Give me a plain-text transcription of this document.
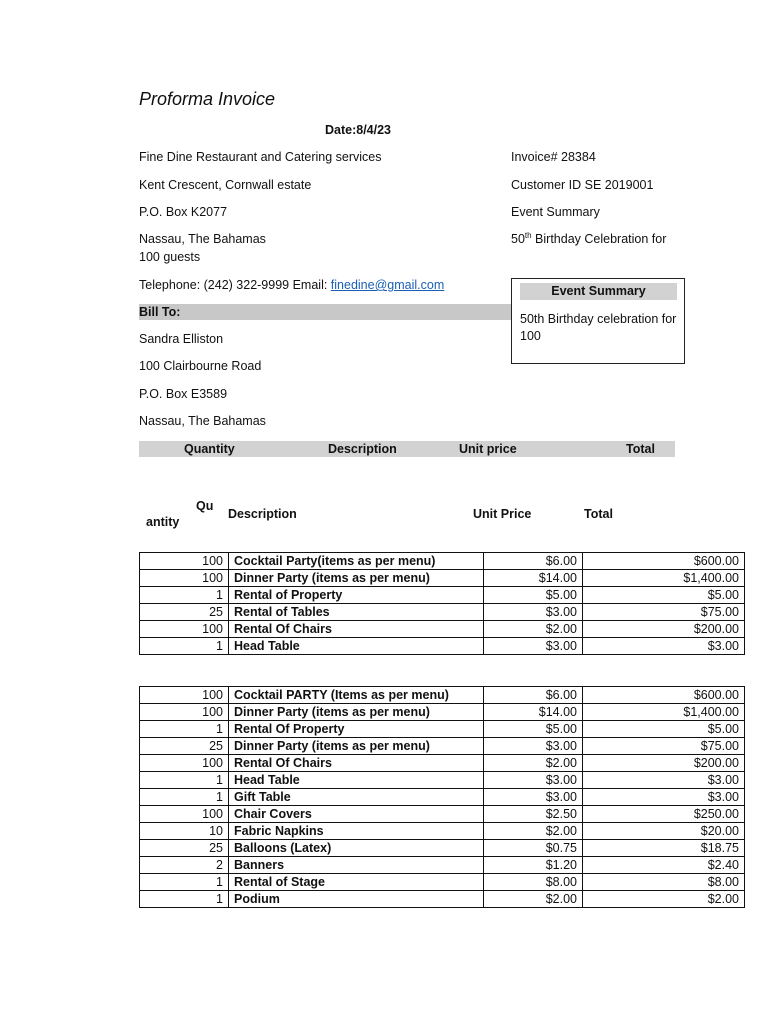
Proforma Invoice
Date:8/4/23
Fine Dine Restaurant and Catering services
Kent Crescent, Cornwall estate
P.O. Box K2077
Nassau, The Bahamas
100 guests
Telephone: (242) 322-9999 Email: finedine@gmail.com
Invoice# 28384
Customer ID SE 2019001
Event Summary
50th Birthday Celebration for
Event Summary
50th Birthday celebration for 100
Bill To:
Sandra Elliston
100 Clairbourne Road
P.O. Box E3589
Nassau, The Bahamas
Quantity	Description	Unit price	Total
Qu
antity
Description	Unit Price	Total
100	Cocktail Party(items as per menu)	$6.00	$600.00
100	Dinner Party (items as per menu)	$14.00	$1,400.00
1	Rental of Property	$5.00	$5.00
25	Rental of Tables	$3.00	$75.00
100	Rental Of Chairs	$2.00	$200.00
1	Head Table	$3.00	$3.00
100	Cocktail PARTY (Items as per menu)	$6.00	$600.00
100	Dinner Party (items as per menu)	$14.00	$1,400.00
1	Rental Of Property	$5.00	$5.00
25	Dinner Party (items as per menu)	$3.00	$75.00
100	Rental Of Chairs	$2.00	$200.00
1	Head Table	$3.00	$3.00
1	Gift Table	$3.00	$3.00
100	Chair Covers	$2.50	$250.00
10	Fabric Napkins	$2.00	$20.00
25	Balloons (Latex)	$0.75	$18.75
2	Banners	$1.20	$2.40
1	Rental of Stage	$8.00	$8.00
1	Podium	$2.00	$2.00
